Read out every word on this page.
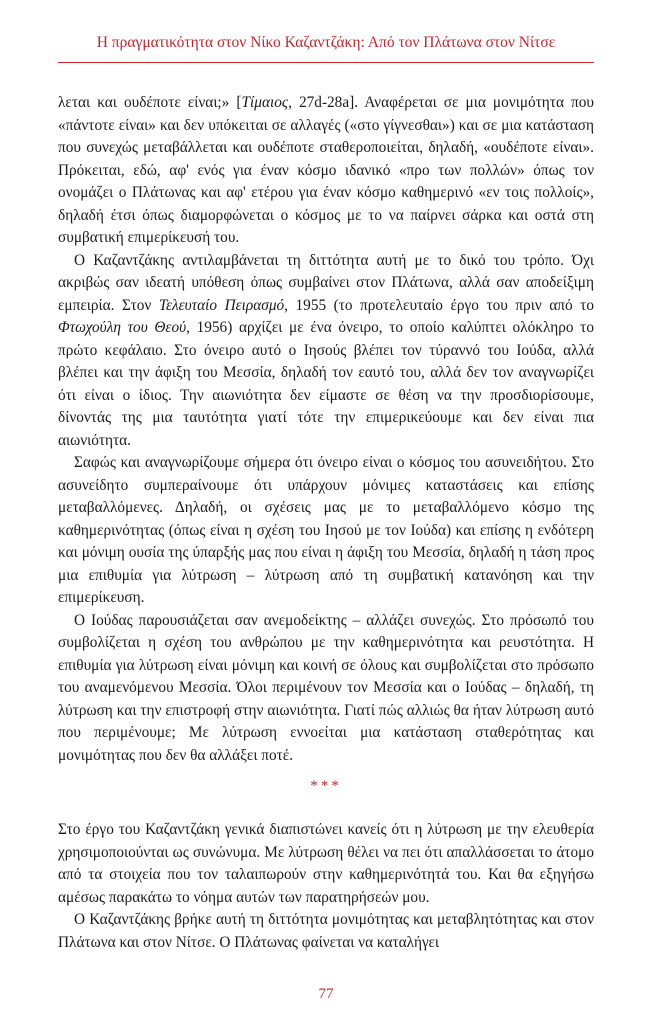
Η πραγματικότητα στον Νίκο Καζαντζάκη: Από τον Πλάτωνα στον Νίτσε

λεται και ουδέποτε είναι;» [Τίμαιος, 27d-28a]. Αναφέρεται σε μια μονιμότητα που «πάντοτε είναι» και δεν υπόκειται σε αλλαγές («στο γίγνεσθαι») και σε μια κατάσταση που συνεχώς μεταβάλλεται και ουδέποτε σταθεροποιείται, δηλαδή, «ουδέποτε είναι». Πρόκειται, εδώ, αφ' ενός για έναν κόσμο ιδανικό «προ των πολλών» όπως τον ονομάζει ο Πλάτωνας και αφ' ετέρου για έναν κόσμο καθημερινό «εν τοις πολλοίς», δηλαδή έτσι όπως διαμορφώνεται ο κόσμος με το να παίρνει σάρκα και οστά στη συμβατική επιμερίκευσή του.

Ο Καζαντζάκης αντιλαμβάνεται τη διττότητα αυτή με το δικό του τρόπο. Όχι ακριβώς σαν ιδεατή υπόθεση όπως συμβαίνει στον Πλάτωνα, αλλά σαν αποδείξιμη εμπειρία. Στον Τελευταίο Πειρασμό, 1955 (το προτελευταίο έργο του πριν από το Φτωχούλη του Θεού, 1956) αρχίζει με ένα όνειρο, το οποίο καλύπτει ολόκληρο το πρώτο κεφάλαιο. Στο όνειρο αυτό ο Ιησούς βλέπει τον τύραννό του Ιούδα, αλλά βλέπει και την άφιξη του Μεσσία, δηλαδή τον εαυτό του, αλλά δεν τον αναγνωρίζει ότι είναι ο ίδιος. Την αιωνιότητα δεν είμαστε σε θέση να την προσδιορίσουμε, δίνοντάς της μια ταυτότητα γιατί τότε την επιμερικεύουμε και δεν είναι πια αιωνιότητα.

Σαφώς και αναγνωρίζουμε σήμερα ότι όνειρο είναι ο κόσμος του ασυνειδήτου. Στο ασυνείδητο συμπεραίνουμε ότι υπάρχουν μόνιμες καταστάσεις και επίσης μεταβαλλόμενες. Δηλαδή, οι σχέσεις μας με το μεταβαλλόμενο κόσμο της καθημερινότητας (όπως είναι η σχέση του Ιησού με τον Ιούδα) και επίσης η ενδότερη και μόνιμη ουσία της ύπαρξής μας που είναι η άφιξη του Μεσσία, δηλαδή η τάση προς μια επιθυμία για λύτρωση – λύτρωση από τη συμβατική κατανόηση και την επιμερίκευση.

Ο Ιούδας παρουσιάζεται σαν ανεμοδείκτης – αλλάζει συνεχώς. Στο πρόσωπό του συμβολίζεται η σχέση του ανθρώπου με την καθημερινότητα και ρευστότητα. Η επιθυμία για λύτρωση είναι μόνιμη και κοινή σε όλους και συμβολίζεται στο πρόσωπο του αναμενόμενου Μεσσία. Όλοι περιμένουν τον Μεσσία και ο Ιούδας – δηλαδή, τη λύτρωση και την επιστροφή στην αιωνιότητα. Γιατί πώς αλλιώς θα ήταν λύτρωση αυτό που περιμένουμε; Με λύτρωση εννοείται μια κατάσταση σταθερότητας και μονιμότητας που δεν θα αλλάξει ποτέ.

***

Στο έργο του Καζαντζάκη γενικά διαπιστώνει κανείς ότι η λύτρωση με την ελευθερία χρησιμοποιούνται ως συνώνυμα. Με λύτρωση θέλει να πει ότι απαλλάσσεται το άτομο από τα στοιχεία που τον ταλαιπωρούν στην καθημερινότητά του. Και θα εξηγήσω αμέσως παρακάτω το νόημα αυτών των παρατηρήσεών μου.

Ο Καζαντζάκης βρήκε αυτή τη διττότητα μονιμότητας και μεταβλητότητας και στον Πλάτωνα και στον Νίτσε. Ο Πλάτωνας φαίνεται να καταλήγει

77
